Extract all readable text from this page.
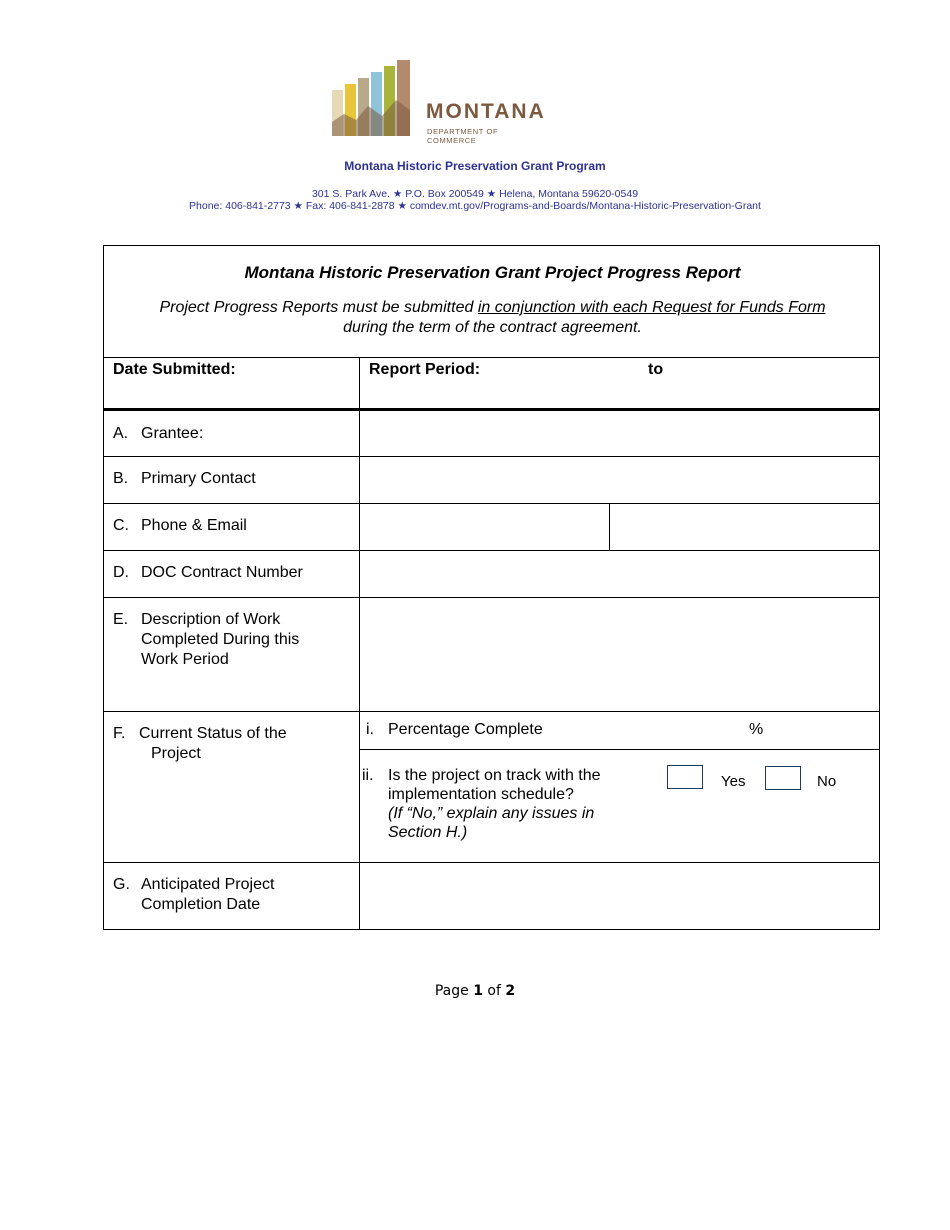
MONTANA
DEPARTMENT OF COMMERCE
Montana Historic Preservation Grant Program
301 S. Park Ave. ★ P.O. Box 200549 ★ Helena, Montana 59620-0549
Phone: 406-841-2773 ★ Fax: 406-841-2878 ★ comdev.mt.gov/Programs-and-Boards/Montana-Historic-Preservation-Grant
Montana Historic Preservation Grant Project Progress Report
Project Progress Reports must be submitted in conjunction with each Request for Funds Form
during the term of the contract agreement.
Date Submitted:	Report Period:	to
A. Grantee:
B. Primary Contact
C. Phone & Email
D. DOC Contract Number
E. Description of Work
Completed During this
Work Period
F. Current Status of the
Project
i. Percentage Complete	%
ii. Is the project on track with the
implementation schedule?
(If “No,” explain any issues in
Section H.)
Yes	No
G. Anticipated Project
Completion Date
Page 1 of 2
